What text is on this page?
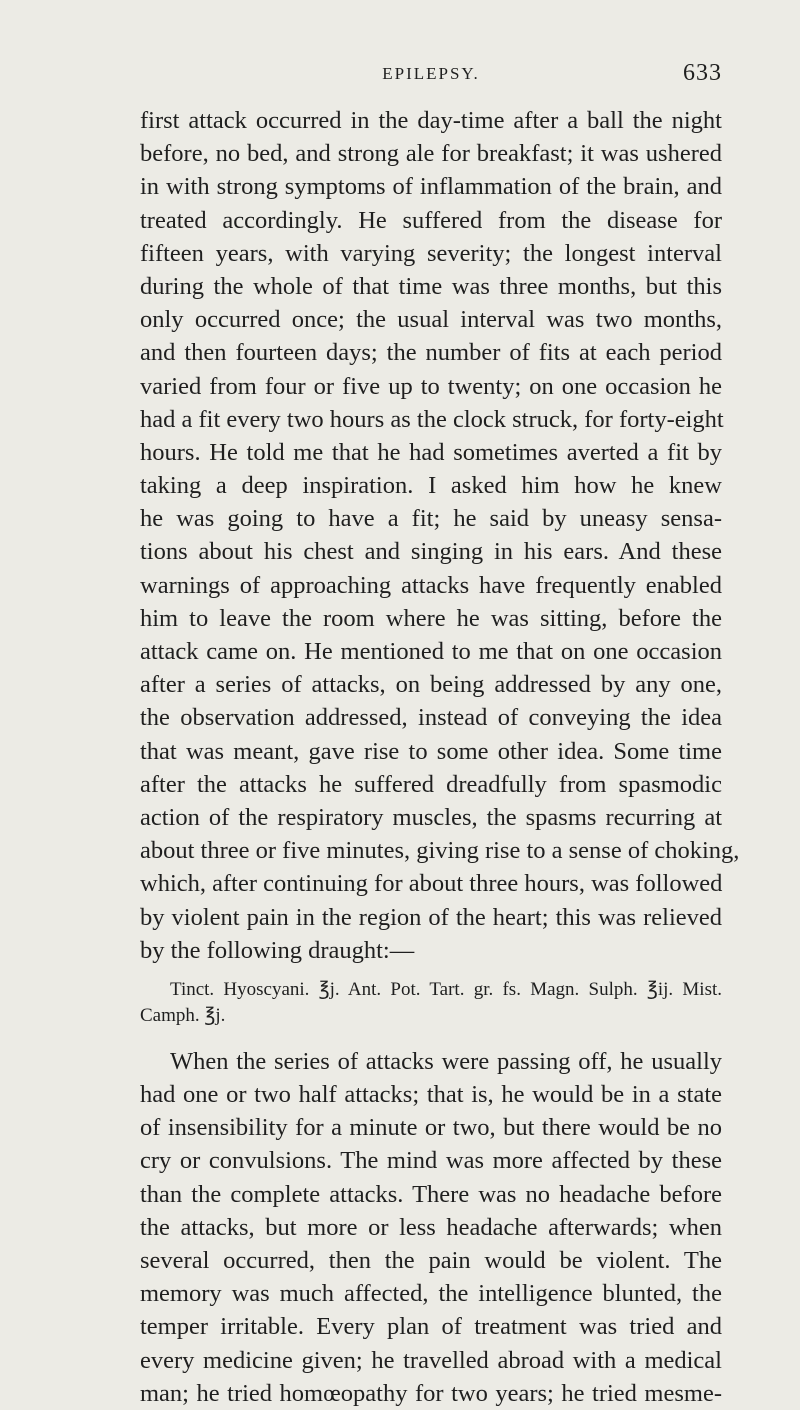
EPILEPSY.	633
first attack occurred in the day-time after a ball the night
before, no bed, and strong ale for breakfast; it was ushered
in with strong symptoms of inflammation of the brain, and
treated accordingly. He suffered from the disease for
fifteen years, with varying severity; the longest interval
during the whole of that time was three months, but this
only occurred once; the usual interval was two months,
and then fourteen days; the number of fits at each period
varied from four or five up to twenty; on one occasion he
had a fit every two hours as the clock struck, for forty-eight
hours. He told me that he had sometimes averted a fit by
taking a deep inspiration. I asked him how he knew
he was going to have a fit; he said by uneasy sensa-
tions about his chest and singing in his ears. And these
warnings of approaching attacks have frequently enabled
him to leave the room where he was sitting, before the
attack came on. He mentioned to me that on one occasion
after a series of attacks, on being addressed by any one,
the observation addressed, instead of conveying the idea
that was meant, gave rise to some other idea. Some time
after the attacks he suffered dreadfully from spasmodic
action of the respiratory muscles, the spasms recurring at
about three or five minutes, giving rise to a sense of choking,
which, after continuing for about three hours, was followed
by violent pain in the region of the heart; this was relieved
by the following draught:—
Tinct. Hyoscyani. ℥j. Ant. Pot. Tart. gr. fs. Magn. Sulph. ℥ij. Mist.
Camph. ℥j.
When the series of attacks were passing off, he usually
had one or two half attacks; that is, he would be in a state
of insensibility for a minute or two, but there would be no
cry or convulsions. The mind was more affected by these
than the complete attacks. There was no headache before
the attacks, but more or less headache afterwards; when
several occurred, then the pain would be violent. The
memory was much affected, the intelligence blunted, the
temper irritable. Every plan of treatment was tried and
every medicine given; he travelled abroad with a medical
man; he tried homœopathy for two years; he tried mesme-
